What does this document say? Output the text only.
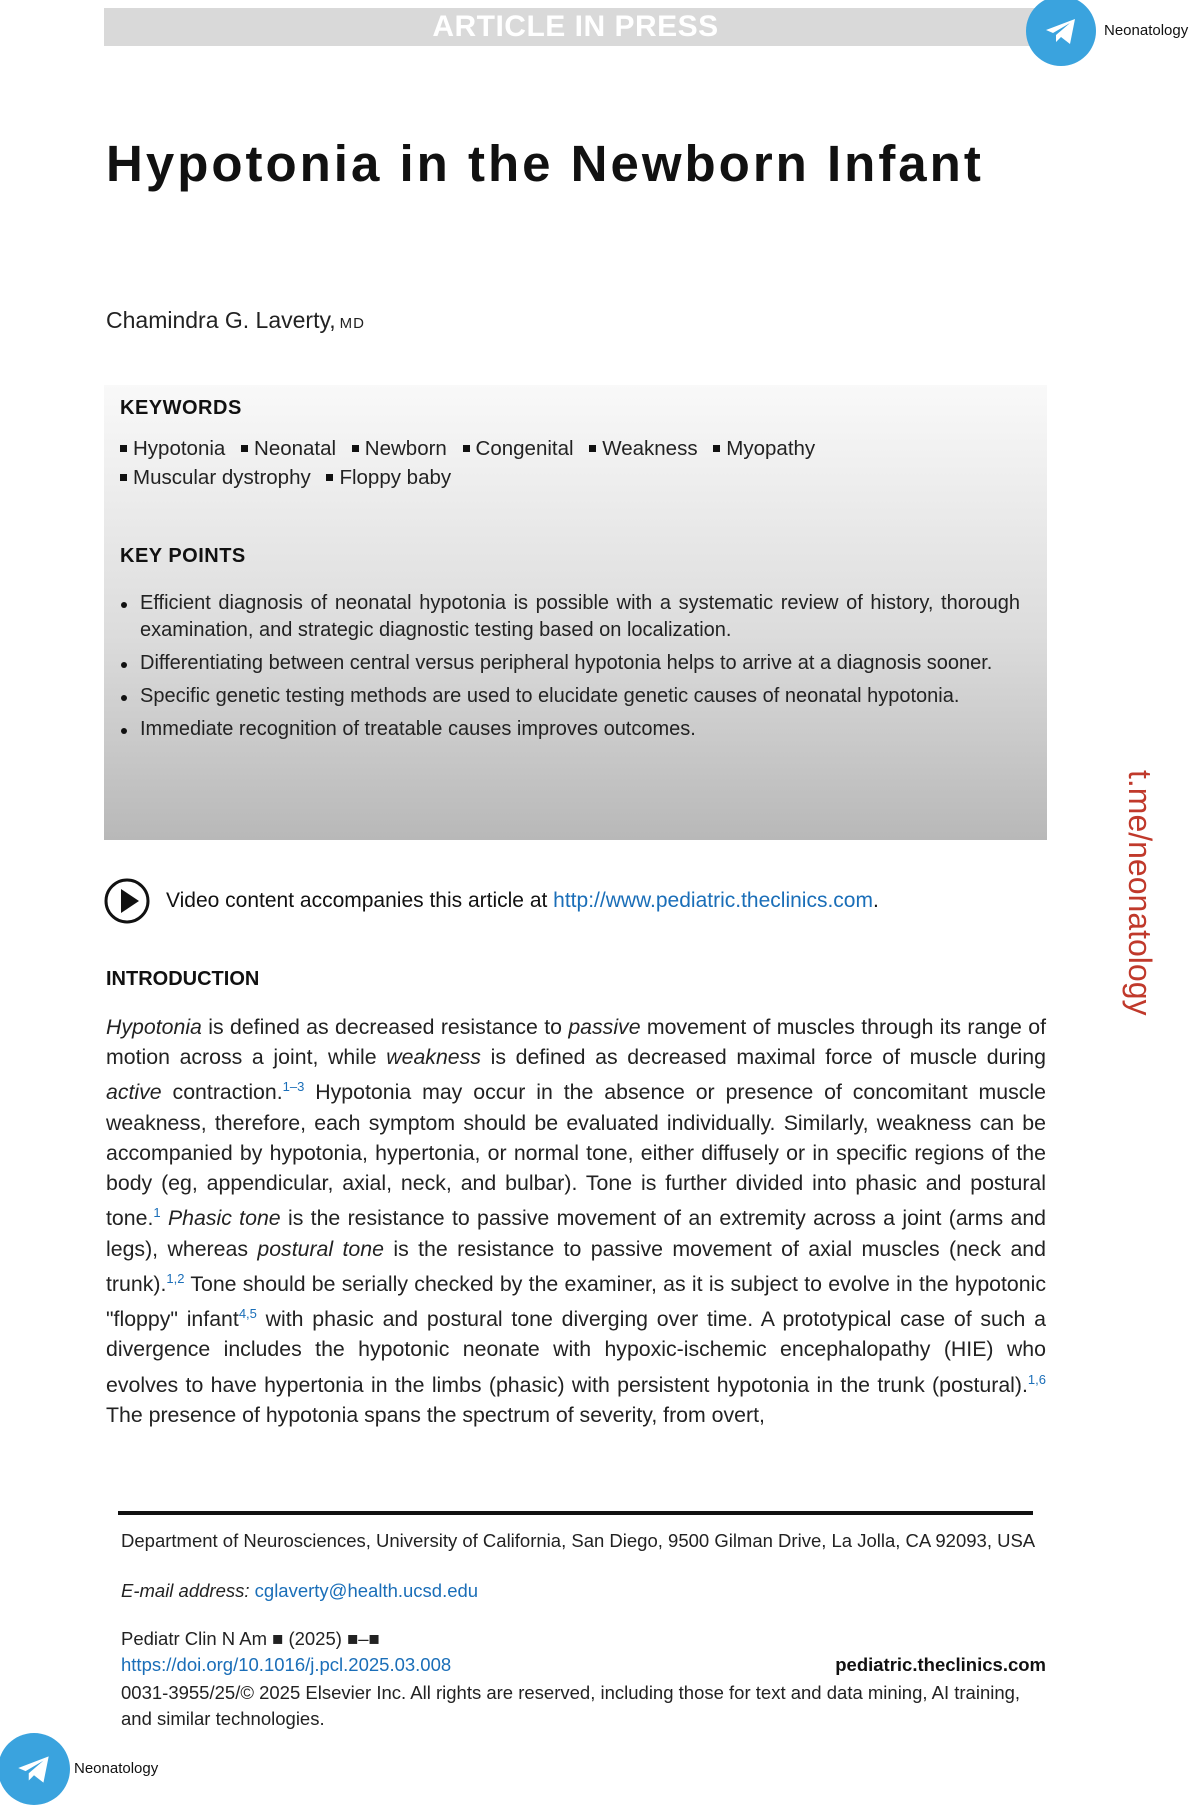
ARTICLE IN PRESS	Neonatology
Hypotonia in the Newborn Infant
Chamindra G. Laverty, MD
KEYWORDS
Hypotonia Neonatal Newborn Congenital Weakness Myopathy
Muscular dystrophy Floppy baby
KEY POINTS
Efficient diagnosis of neonatal hypotonia is possible with a systematic review of history, thorough examination, and strategic diagnostic testing based on localization.
Differentiating between central versus peripheral hypotonia helps to arrive at a diagnosis sooner.
Specific genetic testing methods are used to elucidate genetic causes of neonatal hypotonia.
Immediate recognition of treatable causes improves outcomes.
Video content accompanies this article at http://www.pediatric.theclinics.com.	t.me/neonatology
INTRODUCTION

Hypotonia is defined as decreased resistance to passive movement of muscles through its range of motion across a joint, while weakness is defined as decreased maximal force of muscle during active contraction.$^{1-3}$ Hypotonia may occur in the absence or presence of concomitant muscle weakness, therefore, each symptom should be evaluated individually. Similarly, weakness can be accompanied by hypotonia, hypertonia, or normal tone, either diffusely or in specific regions of the body (eg, appendicular, axial, neck, and bulbar). Tone is further divided into phasic and postural tone.$^1$ Phasic tone is the resistance to passive movement of an extremity across a joint (arms and legs), whereas postural tone is the resistance to passive movement of axial muscles (neck and trunk).$^{1,2}$ Tone should be serially checked by the examiner, as it is subject to evolve in the hypotonic "floppy" infant$^{4,5}$ with phasic and postural tone diverging over time. A prototypical case of such a divergence includes the hypotonic neonate with hypoxic-ischemic encephalopathy (HIE) who evolves to have hypertonia in the limbs (phasic) with persistent hypotonia in the trunk (postural).$^{1,6}$ The presence of hypotonia spans the spectrum of severity, from overt,

Department of Neurosciences, University of California, San Diego, 9500 Gilman Drive, La Jolla, CA 92093, USA

E-mail address: cglaverty@health.ucsd.edu
Pediatr Clin N Am ■ (2025) ■–■
https://doi.org/10.1016/j.pcl.2025.03.008	pediatric.theclinics.com

0031-3955/25/© 2025 Elsevier Inc. All rights are reserved, including those for text and data mining, AI training, and similar technologies.

Neonatology
